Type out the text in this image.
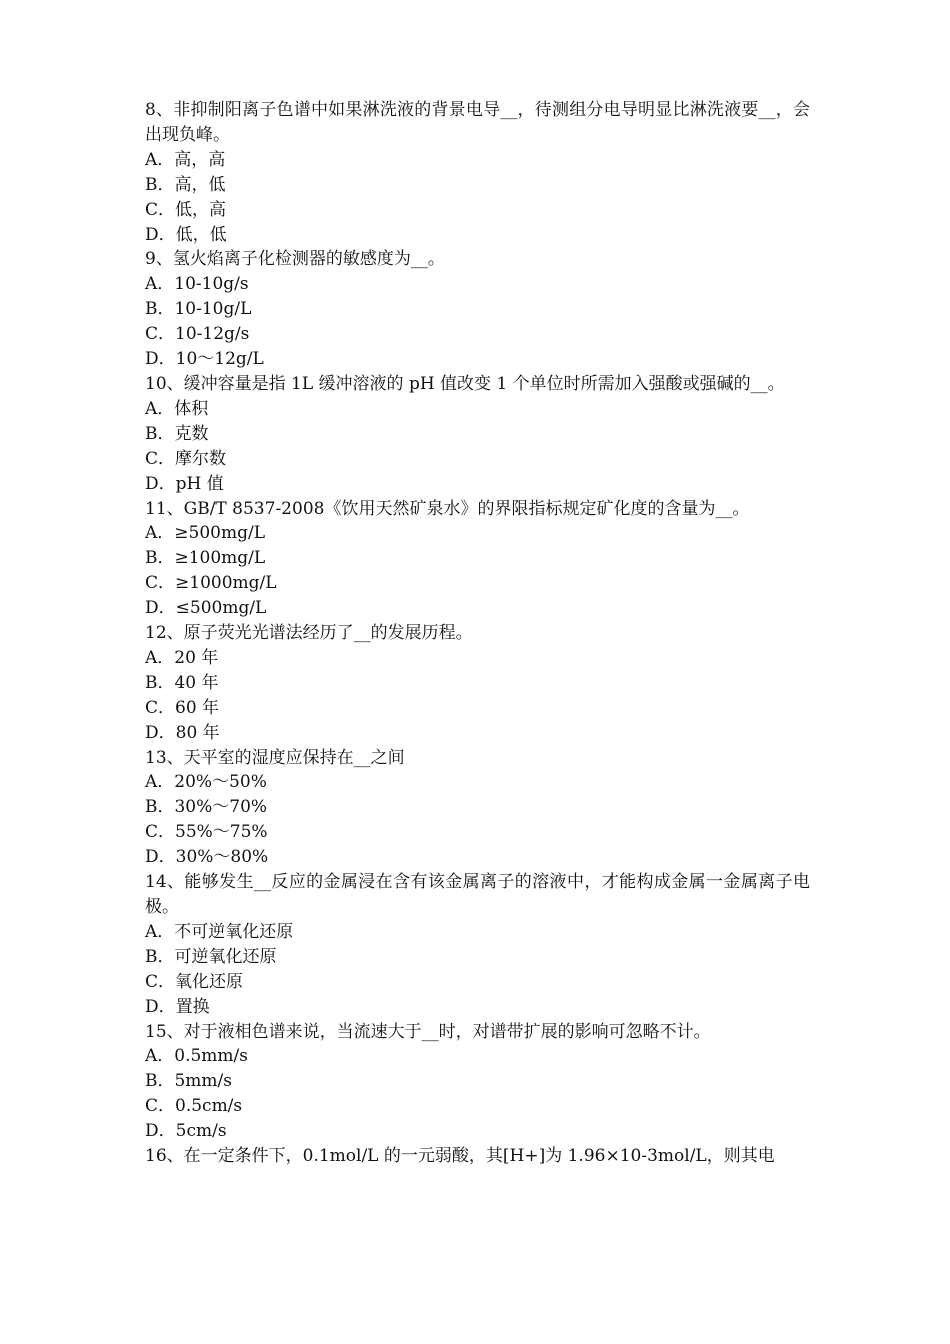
8、非抑制阳离子色谱中如果淋洗液的背景电导__，待测组分电导明显比淋洗液要__，会出现负峰。
A．高，高
B．高，低
C．低，高
D．低，低
9、氢火焰离子化检测器的敏感度为__。
A．10-10g/s
B．10-10g/L
C．10-12g/s
D．10～12g/L
10、缓冲容量是指 1L 缓冲溶液的 pH 值改变 1 个单位时所需加入强酸或强碱的__。
A．体积
B．克数
C．摩尔数
D．pH 值
11、GB/T 8537-2008《饮用天然矿泉水》的界限指标规定矿化度的含量为__。
A．≥500mg/L
B．≥100mg/L
C．≥1000mg/L
D．≤500mg/L
12、原子荧光光谱法经历了__的发展历程。
A．20 年
B．40 年
C．60 年
D．80 年
13、天平室的湿度应保持在__之间
A．20%～50%
B．30%～70%
C．55%～75%
D．30%～80%
14、能够发生__反应的金属浸在含有该金属离子的溶液中，才能构成金属一金属离子电极。
A．不可逆氧化还原
B．可逆氧化还原
C．氧化还原
D．置换
15、对于液相色谱来说，当流速大于__时，对谱带扩展的影响可忽略不计。
A．0.5mm/s
B．5mm/s
C．0.5cm/s
D．5cm/s
16、在一定条件下，0.1mol/L 的一元弱酸，其[H+]为 1.96×10-3mol/L，则其电
